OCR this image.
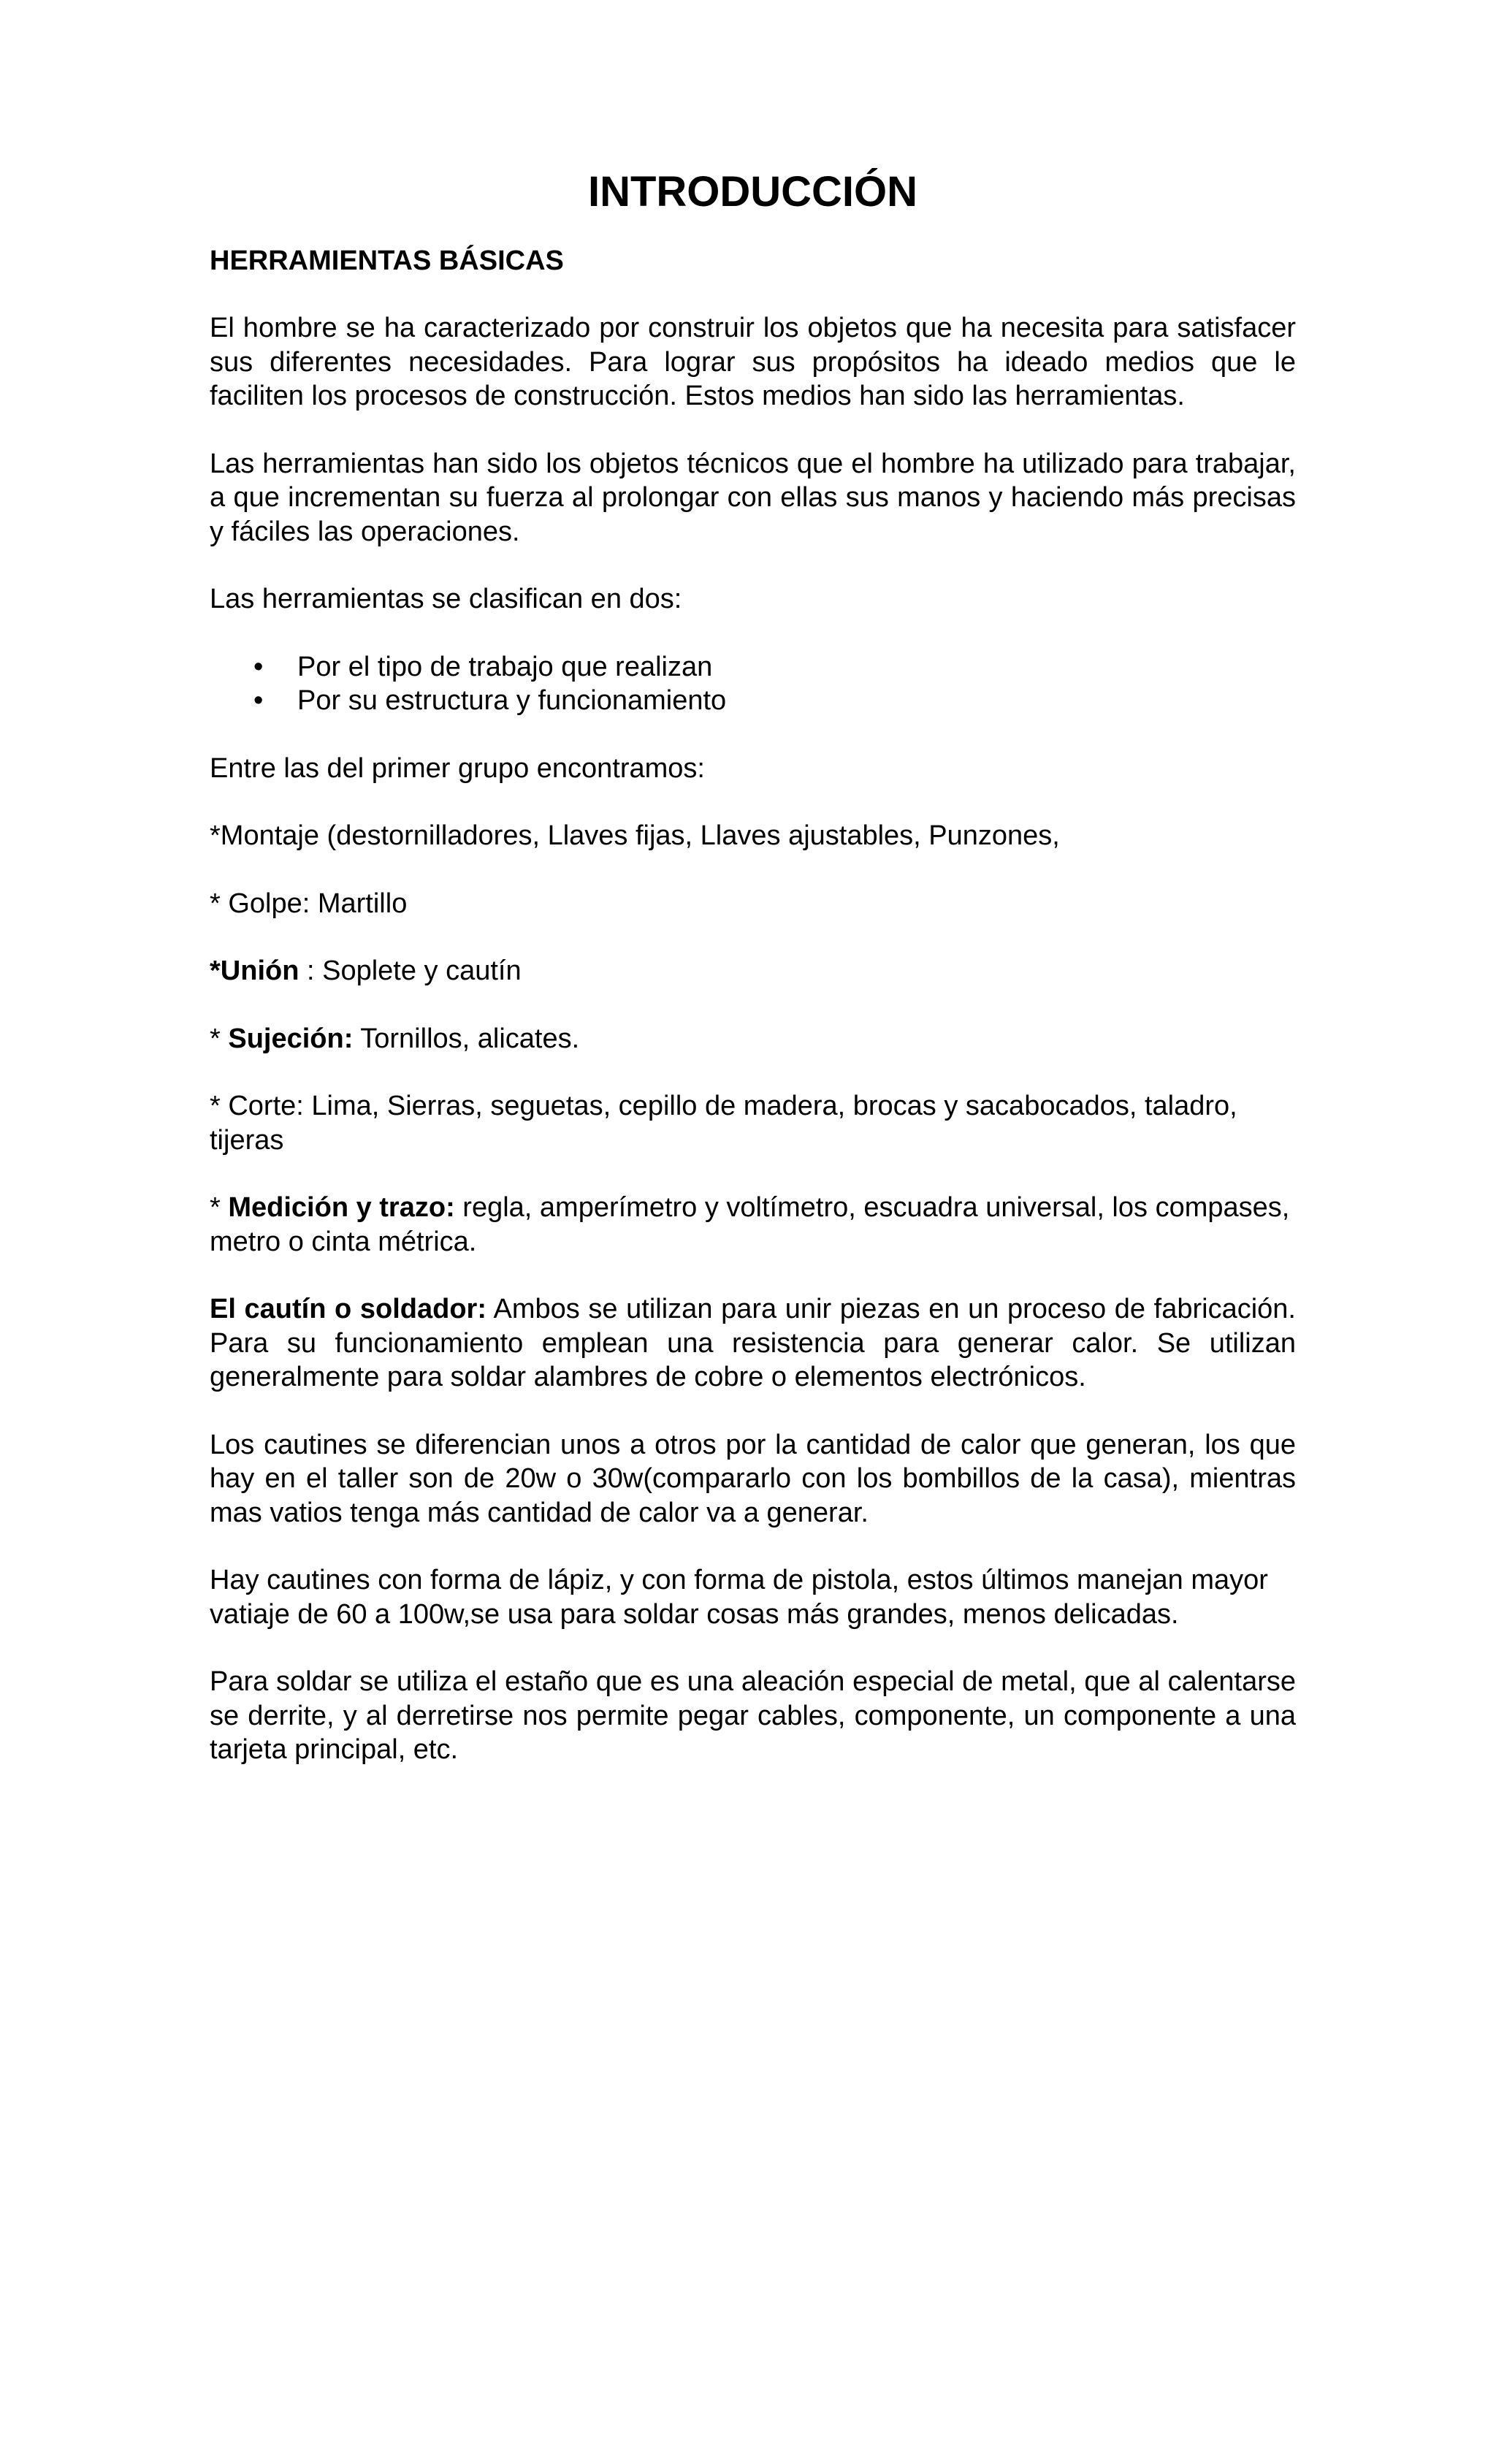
INTRODUCCIÓN
HERRAMIENTAS BÁSICAS

El hombre se ha caracterizado por construir los objetos que ha necesita para satisfacer sus diferentes necesidades. Para lograr sus propósitos ha ideado medios que le faciliten los procesos de construcción. Estos medios han sido las herramientas.

Las herramientas han sido los objetos técnicos que el hombre ha utilizado para trabajar, a que incrementan su fuerza al prolongar con ellas sus manos y haciendo más precisas y fáciles las operaciones.

Las herramientas se clasifican en dos:

• Por el tipo de trabajo que realizan
• Por su estructura y funcionamiento

Entre las del primer grupo encontramos:

*Montaje (destornilladores, Llaves fijas, Llaves ajustables, Punzones,

* Golpe: Martillo

*Unión : Soplete y cautín

* Sujeción: Tornillos, alicates.

* Corte: Lima, Sierras, seguetas, cepillo de madera, brocas y sacabocados, taladro, tijeras

* Medición y trazo: regla, amperímetro y voltímetro, escuadra universal, los compases, metro o cinta métrica.

El cautín o soldador: Ambos se utilizan para unir piezas en un proceso de fabricación. Para su funcionamiento emplean una resistencia para generar calor. Se utilizan generalmente para soldar alambres de cobre o elementos electrónicos.

Los cautines se diferencian unos a otros por la cantidad de calor que generan, los que hay en el taller son de 20w o 30w(compararlo con los bombillos de la casa), mientras mas vatios tenga más cantidad de calor va a generar.

Hay cautines con forma de lápiz, y con forma de pistola, estos últimos manejan mayor vatiaje de 60 a 100w,se usa para soldar cosas más grandes, menos delicadas.

Para soldar se utiliza el estaño que es una aleación especial de metal, que al calentarse se derrite, y al derretirse nos permite pegar cables, componente, un componente a una tarjeta principal, etc.
